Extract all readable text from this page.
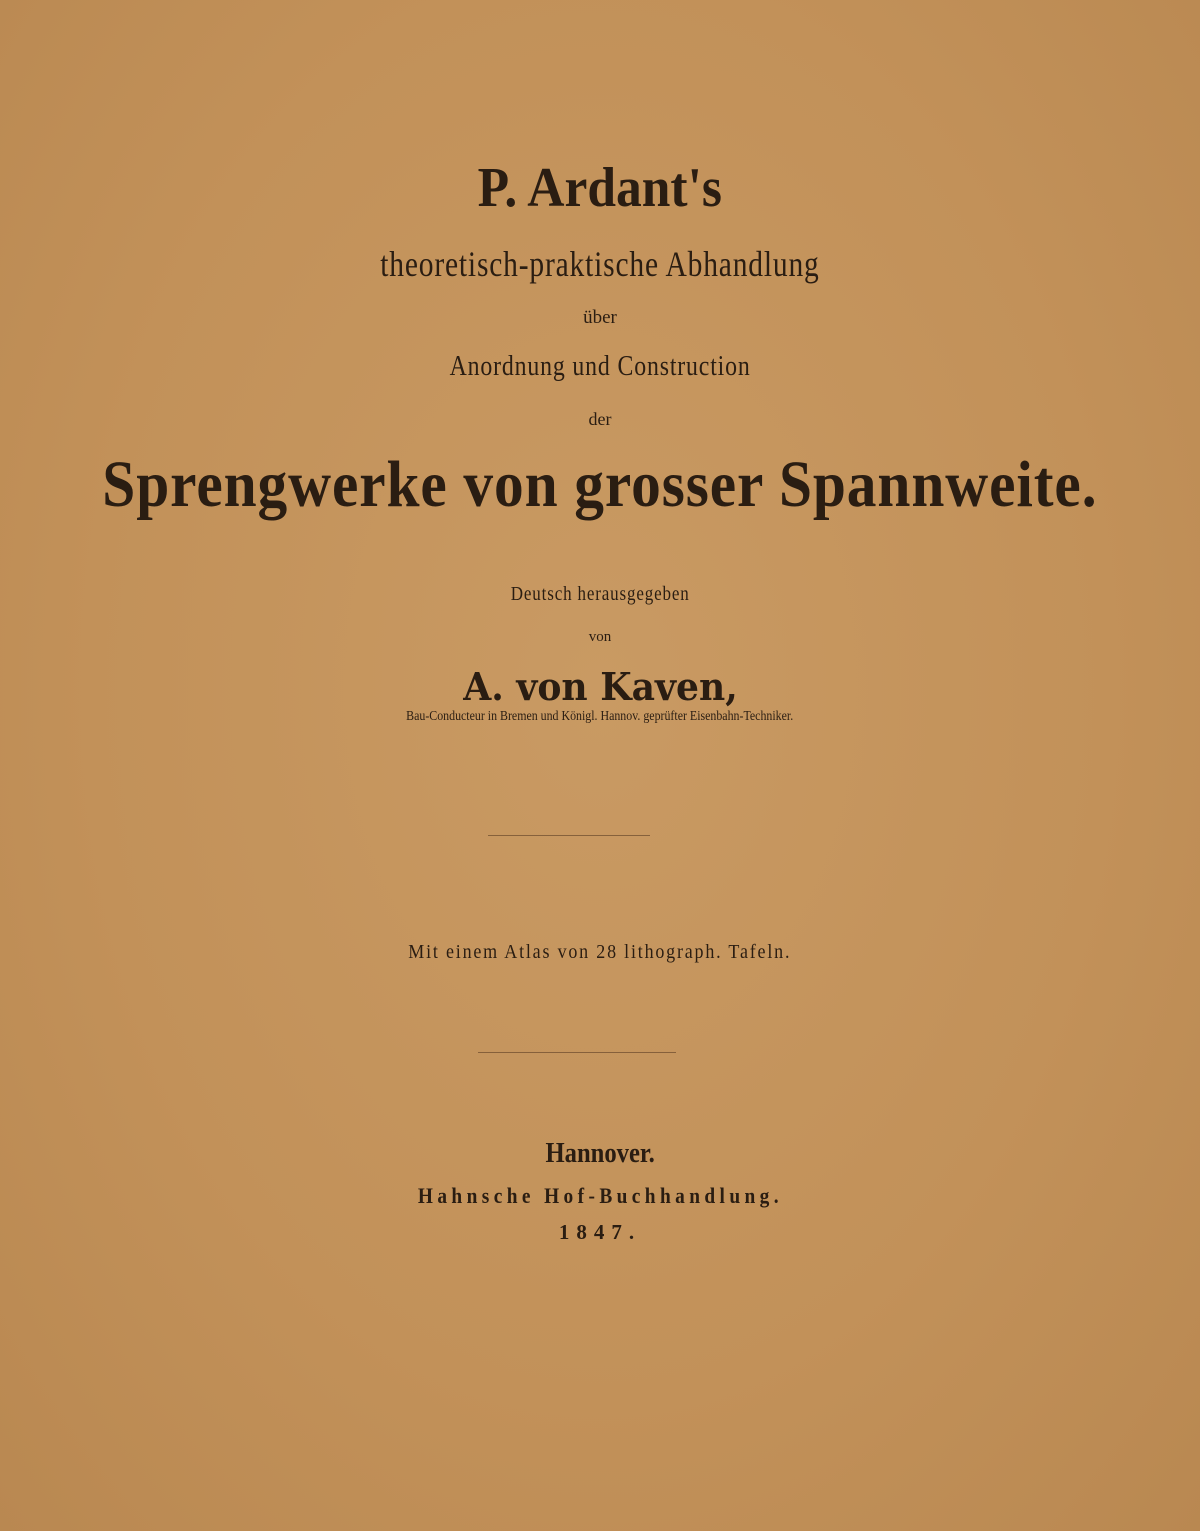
P. Ardant's
theoretisch-praktische Abhandlung
über
Anordnung und Construction
der
Sprengwerke von grosser Spannweite.
Deutsch herausgegeben
von
A. von Kaven,
Bau-Conducteur in Bremen und Königl. Hannov. geprüfter Eisenbahn-Techniker.
Mit einem Atlas von 28 lithograph. Tafeln.
Hannover.
Hahnsche Hof-Buchhandlung.
1847.
